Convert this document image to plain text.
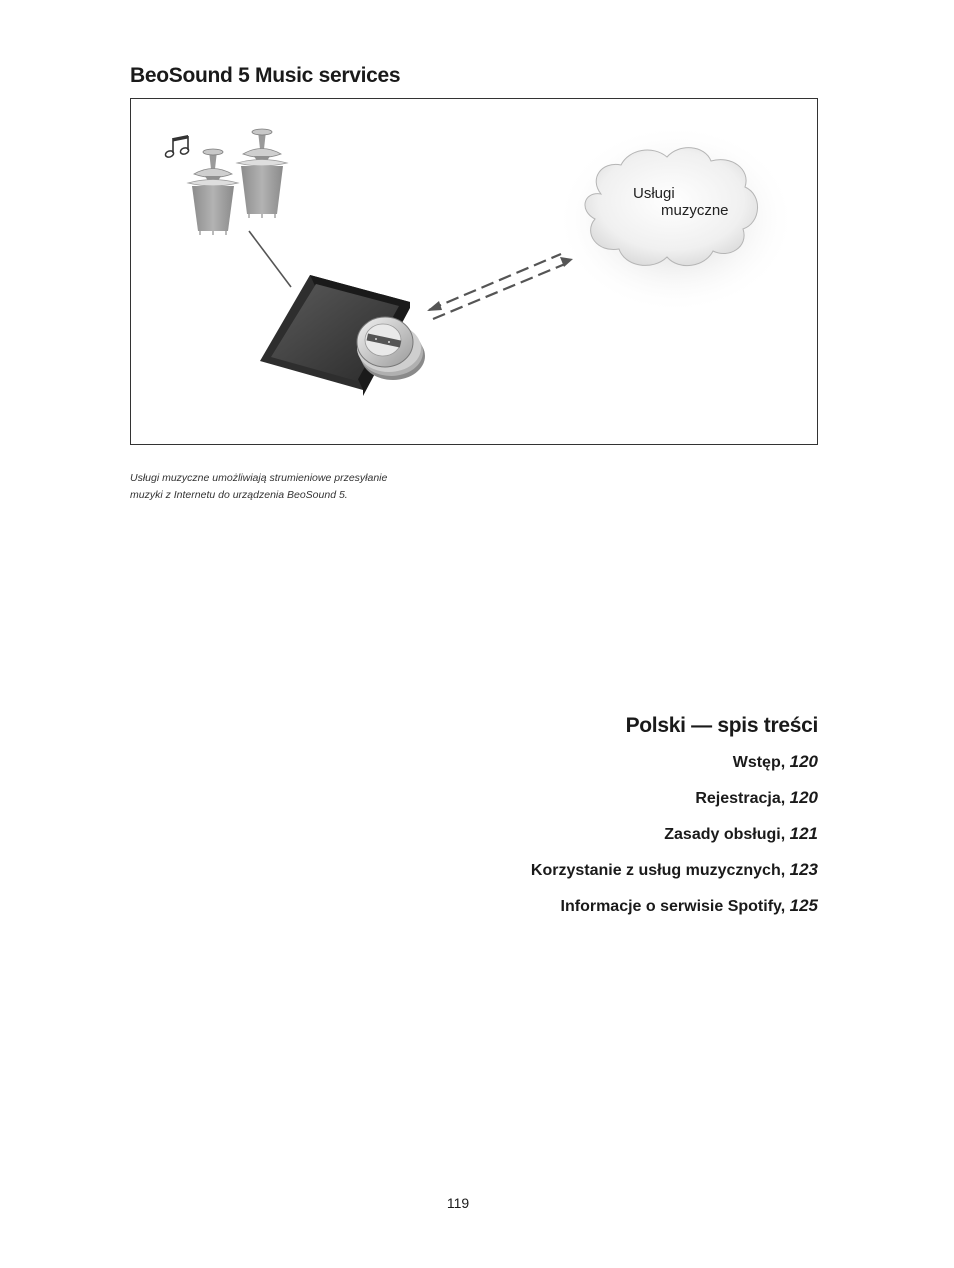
BeoSound 5 Music services
Usługi
muzyczne
Usługi muzyczne umożliwiają strumieniowe przesyłanie
muzyki z Internetu do urządzenia BeoSound 5.
Polski — spis treści
Wstęp, 120
Rejestracja, 120
Zasady obsługi, 121
Korzystanie z usług muzycznych, 123
Informacje o serwisie Spotify, 125
119
